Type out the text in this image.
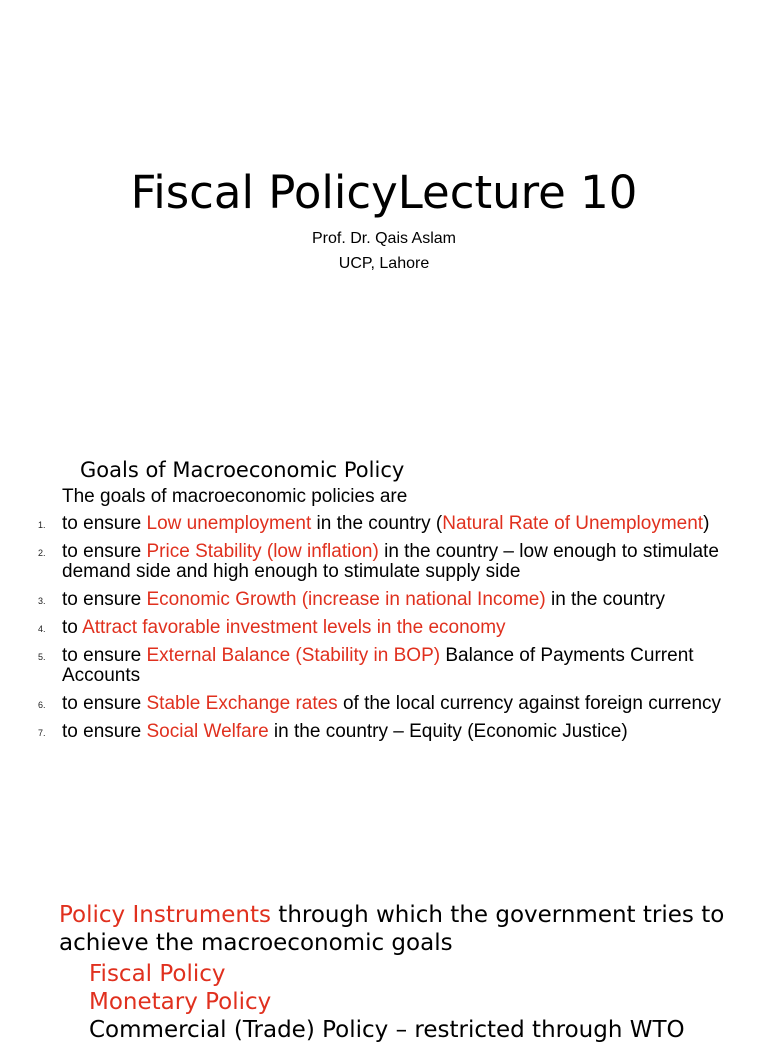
Fiscal PolicyLecture 10
Prof. Dr. Qais Aslam
UCP, Lahore
Goals of Macroeconomic Policy
The goals of macroeconomic policies are
1. to ensure Low unemployment in the country (Natural Rate of Unemployment)
2. to ensure Price Stability (low inflation) in the country – low enough to stimulate demand side and high enough to stimulate supply side
3. to ensure Economic Growth (increase in national Income) in the country
4. to Attract favorable investment levels in the economy
5. to ensure External Balance (Stability in BOP) Balance of Payments Current Accounts
6. to ensure Stable Exchange rates of the local currency against foreign currency
7. to ensure Social Welfare in the country – Equity (Economic Justice)
Policy Instruments through which the government tries to achieve the macroeconomic goals
Fiscal Policy
Monetary Policy
Commercial (Trade) Policy – restricted through WTO
